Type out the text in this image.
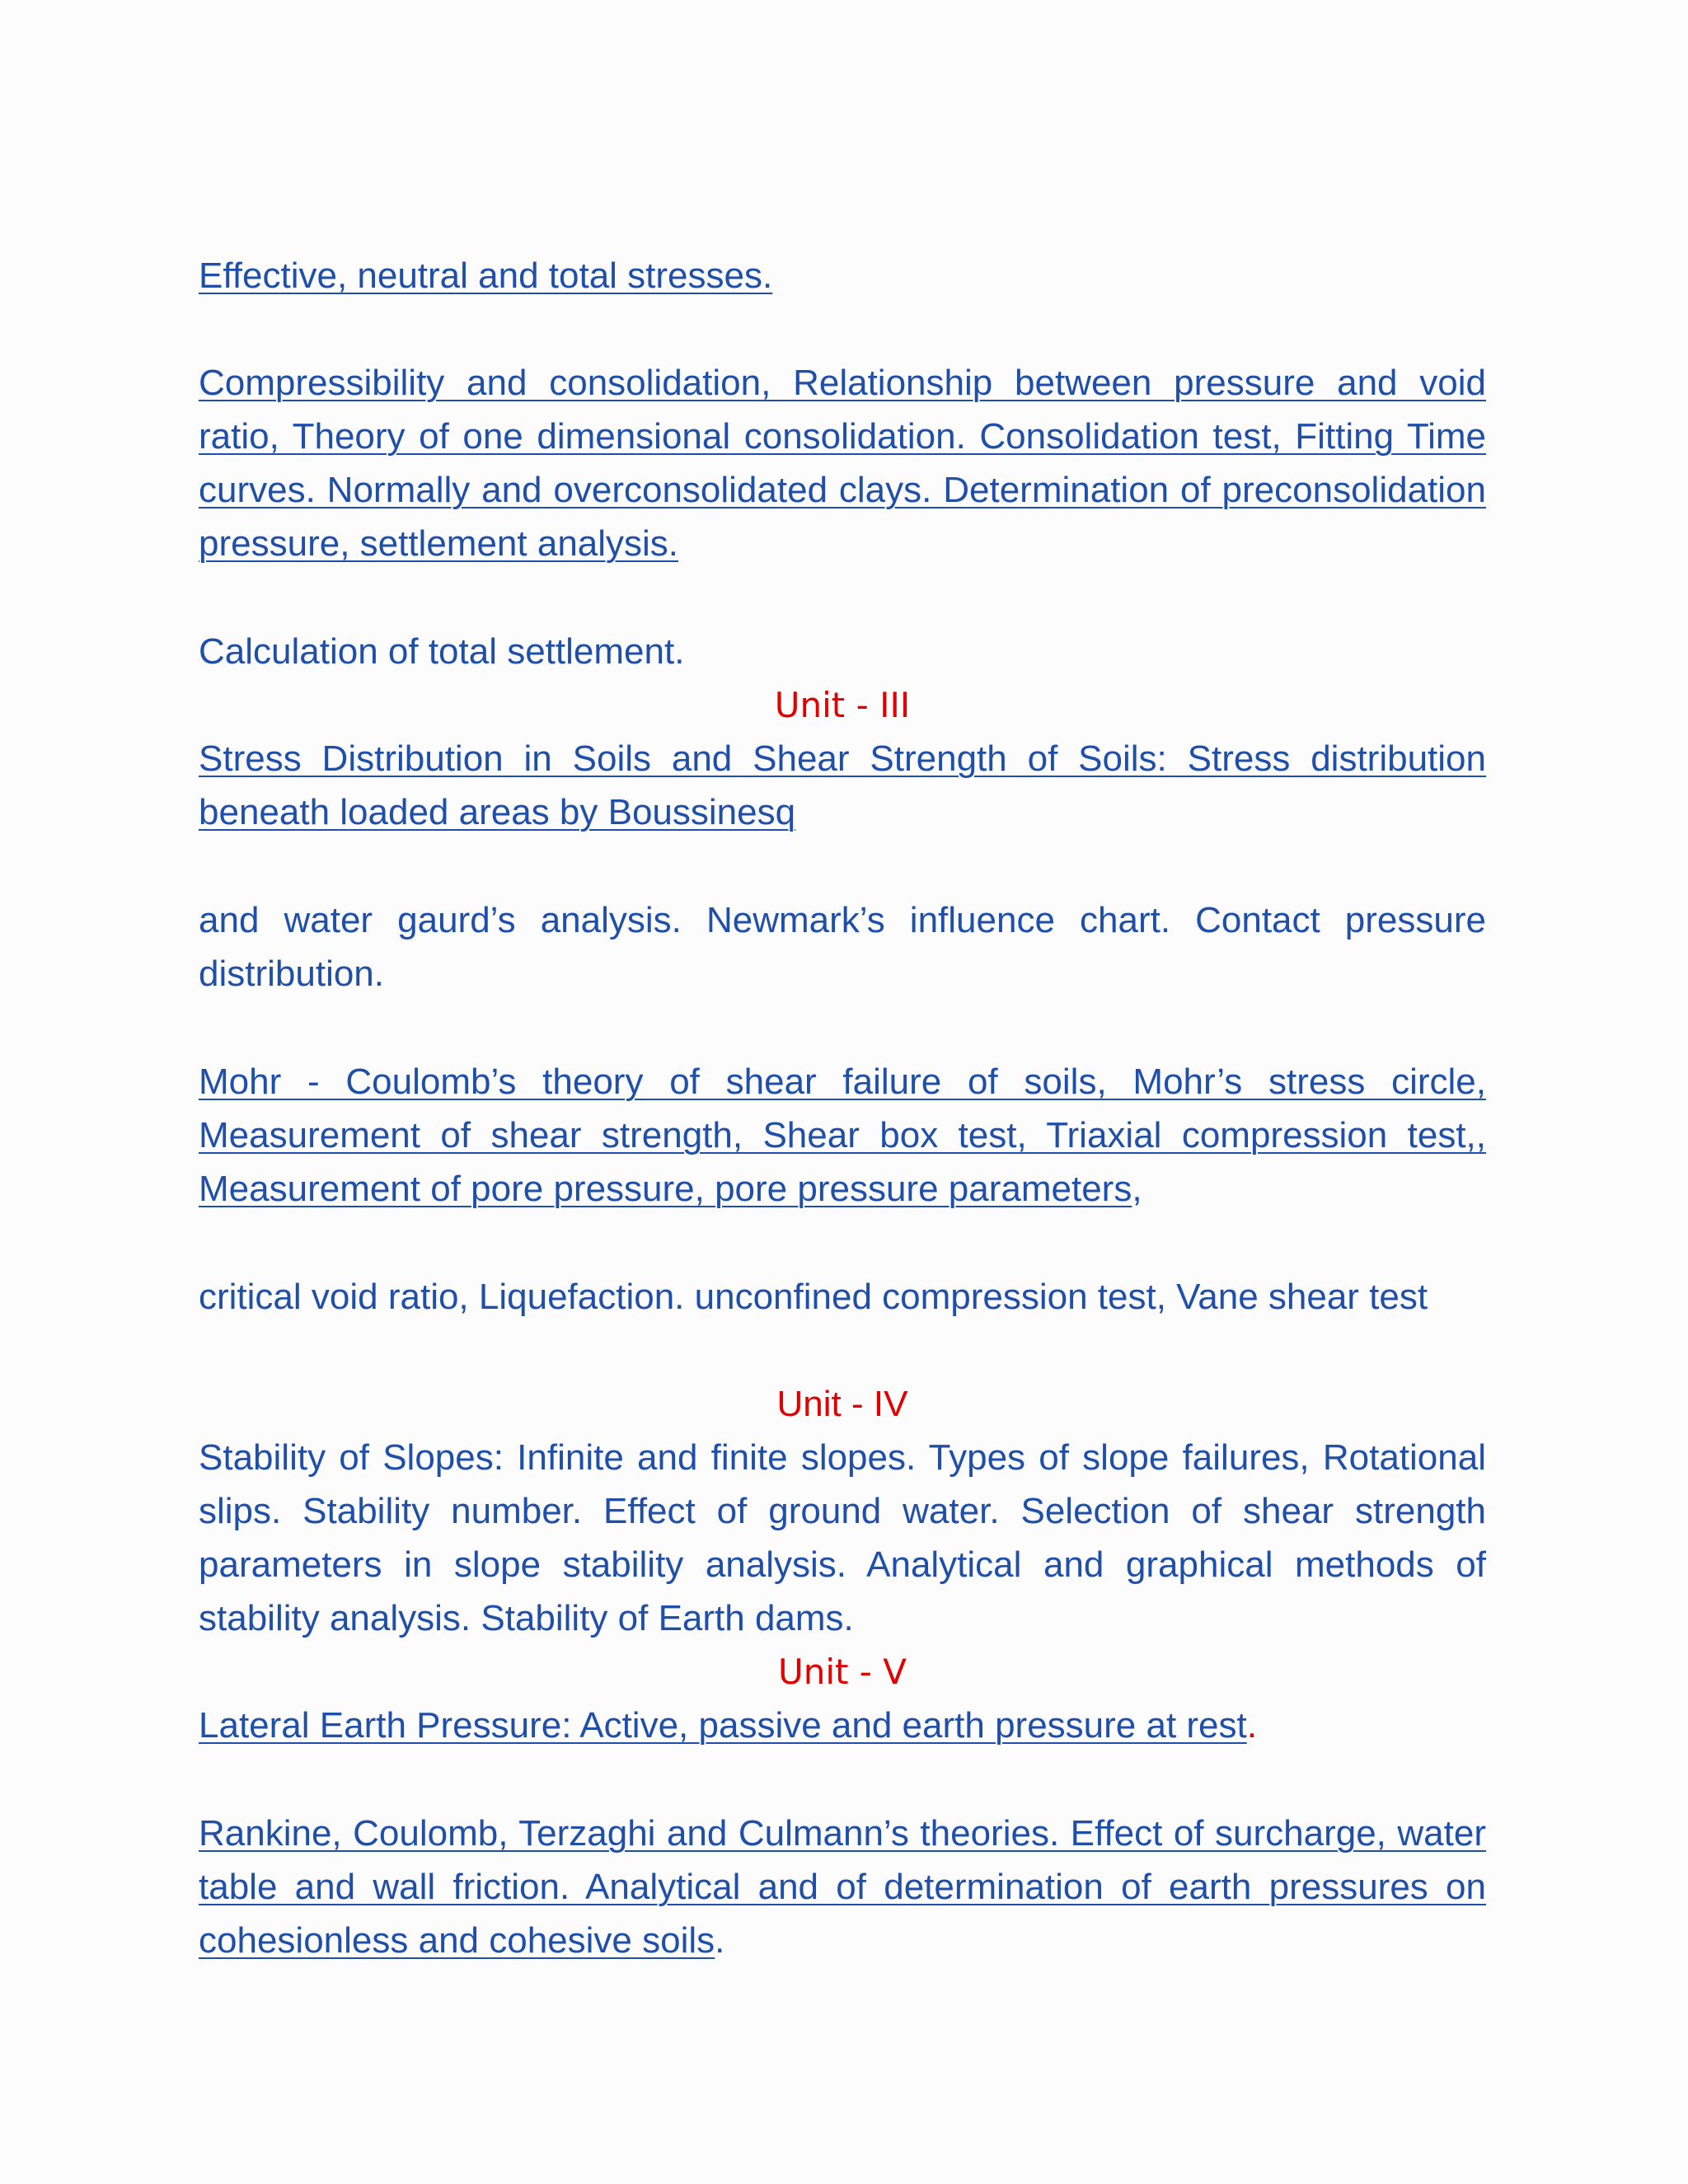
Effective, neutral and total stresses.

Compressibility and consolidation, Relationship between pressure and void ratio, Theory of one dimensional consolidation. Consolidation test, Fitting Time curves. Normally and overconsolidated clays. Determination of preconsolidation pressure, settlement analysis.

Calculation of total settlement.

Unit - III

Stress Distribution in Soils and Shear Strength of Soils: Stress distribution beneath loaded areas by Boussinesq

and water gaurd’s analysis. Newmark’s influence chart. Contact pressure distribution.

Mohr - Coulomb’s theory of shear failure of soils, Mohr’s stress circle, Measurement of shear strength, Shear box test, Triaxial compression test,, Measurement of pore pressure, pore pressure parameters,

critical void ratio, Liquefaction. unconfined compression test, Vane shear test

Unit - IV

Stability of Slopes: Infinite and finite slopes. Types of slope failures, Rotational slips. Stability number. Effect of ground water. Selection of shear strength parameters in slope stability analysis. Analytical and graphical methods of stability analysis. Stability of Earth dams.

Unit - V

Lateral Earth Pressure: Active, passive and earth pressure at rest.

Rankine, Coulomb, Terzaghi and Culmann’s theories. Effect of surcharge, water table and wall friction. Analytical and of determination of earth pressures on cohesionless and cohesive soils.
